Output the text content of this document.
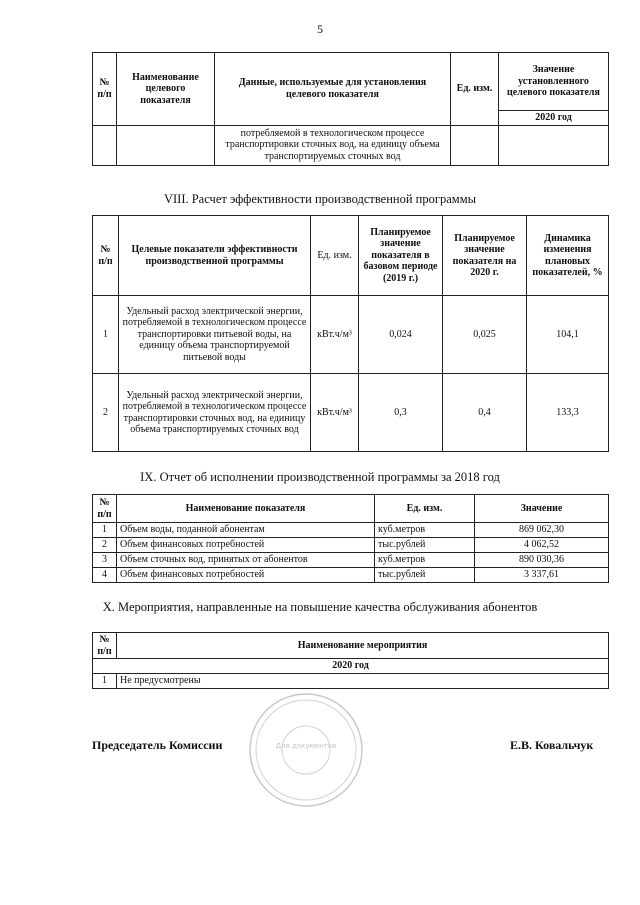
5
№ п/п	Наименование целевого показателя	Данные, используемые для установления целевого показателя	Ед. изм.	Значение установленного целевого показателя
				2020 год
		потребляемой в технологическом процессе транспортировки сточных вод, на единицу объема транспортируемых сточных вод		
VIII. Расчет эффективности производственной программы
№ п/п	Целевые показатели эффективности производственной программы	Ед. изм.	Планируемое значение показателя в базовом периоде (2019 г.)	Планируемое значение показателя на 2020 г.	Динамика изменения плановых показателей, %
1	Удельный расход электрической энергии, потребляемой в технологическом процессе транспортировки питьевой воды, на единицу объема транспортируемой питьевой воды	кВт.ч/м³	0,024	0,025	104,1
2	Удельный расход электрической энергии, потребляемой в технологическом процессе транспортировки сточных вод, на единицу объема транспортируемых сточных вод	кВт.ч/м³	0,3	0,4	133,3
IX. Отчет об исполнении производственной программы за 2018 год
№ п/п	Наименование показателя	Ед. изм.	Значение
1	Объем воды, поданной абонентам	куб.метров	869 062,30
2	Объем финансовых потребностей	тыс.рублей	4 062,52
3	Объем сточных вод, принятых от абонентов	куб.метров	890 030,36
4	Объем финансовых потребностей	тыс.рублей	3 337,61
X. Мероприятия, направленные на повышение качества обслуживания абонентов
№ п/п	Наименование мероприятия
2020 год	
1	Не предусмотрены
Для документов
Председатель Комиссии	Е.В. Ковальчук
